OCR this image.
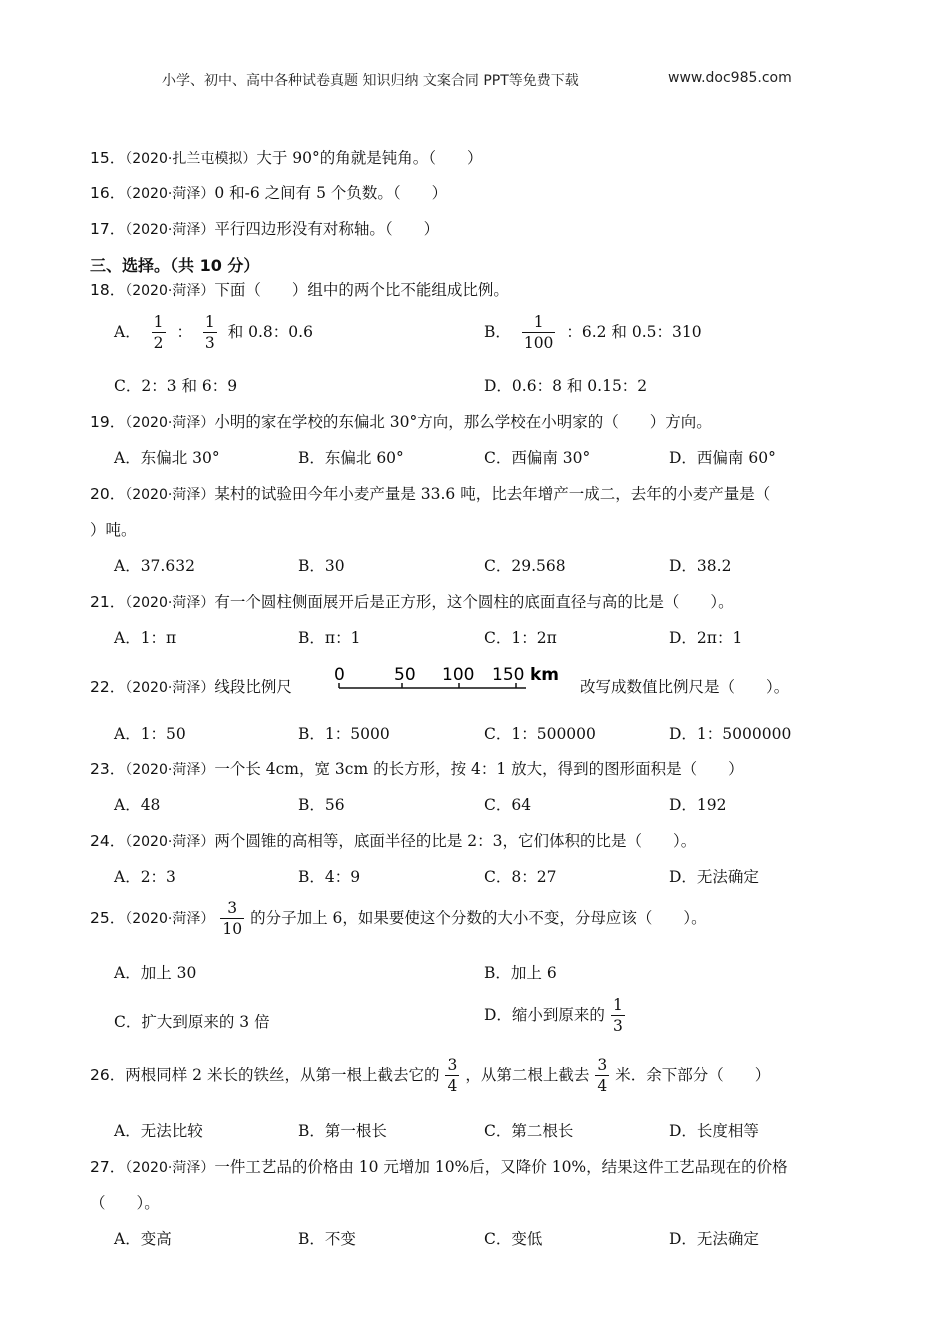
小学、初中、高中各种试卷真题 知识归纳 文案合同 PPT等免费下载	www.doc985.com
15．（2020·扎兰屯模拟）大于 90°的角就是钝角。（　　）
16．（2020·菏泽）0 和-6 之间有 5 个负数。（　　）
17．（2020·菏泽）平行四边形没有对称轴。（　　）
三、选择。（共 10 分）
18．（2020·菏泽）下面（　　）组中的两个比不能组成比例。
A． $\frac{1}{2}$ ： $\frac{1}{3}$ 和 0.8：0.6	B． $\frac{1}{100}$ ：6.2 和 0.5：310
C．2：3 和 6：9	D．0.6：8 和 0.15：2
19．（2020·菏泽）小明的家在学校的东偏北 30°方向，那么学校在小明家的（　　）方向。
A．东偏北 30°	B．东偏北 60°	C．西偏南 30°	D．西偏南 60°
20．（2020·菏泽）某村的试验田今年小麦产量是 33.6 吨，比去年增产一成二，去年的小麦产量是（
）吨。
A．37.632	B．30	C．29.568	D．38.2
21．（2020·菏泽）有一个圆柱侧面展开后是正方形，这个圆柱的底面直径与高的比是（　　）。
A．1：π	B．π：1	C．1：2π	D．2π：1
22．（2020·菏泽）线段比例尺
0	50 100 150 km
改写成数值比例尺是（　　）。
A．1：50	B．1：5000	C．1：500000	D．1：5000000
23．（2020·菏泽）一个长 4cm，宽 3cm 的长方形，按 4：1 放大，得到的图形面积是（　　）
A．48	B．56	C．64	D．192
24．（2020·菏泽）两个圆锥的高相等，底面半径的比是 2：3，它们体积的比是（　　）。
A．2：3	B．4：9	C．8：27	D．无法确定
25．（2020·菏泽） $\frac{3}{10}$ 的分子加上 6，如果要使这个分数的大小不变，分母应该（　　）。
A．加上 30	B．加上 6
C．扩大到原来的 3 倍	D．缩小到原来的 $\frac{1}{3}$
26．两根同样 2 米长的铁丝，从第一根上截去它的 $\frac{3}{4}$ ，从第二根上截去 $\frac{3}{4}$ 米．余下部分（　　）
A．无法比较	B．第一根长	C．第二根长	D．长度相等
27．（2020·菏泽）一件工艺品的价格由 10 元增加 10%后，又降价 10%，结果这件工艺品现在的价格
（　　）。
A．变高	B．不变	C．变低	D．无法确定
